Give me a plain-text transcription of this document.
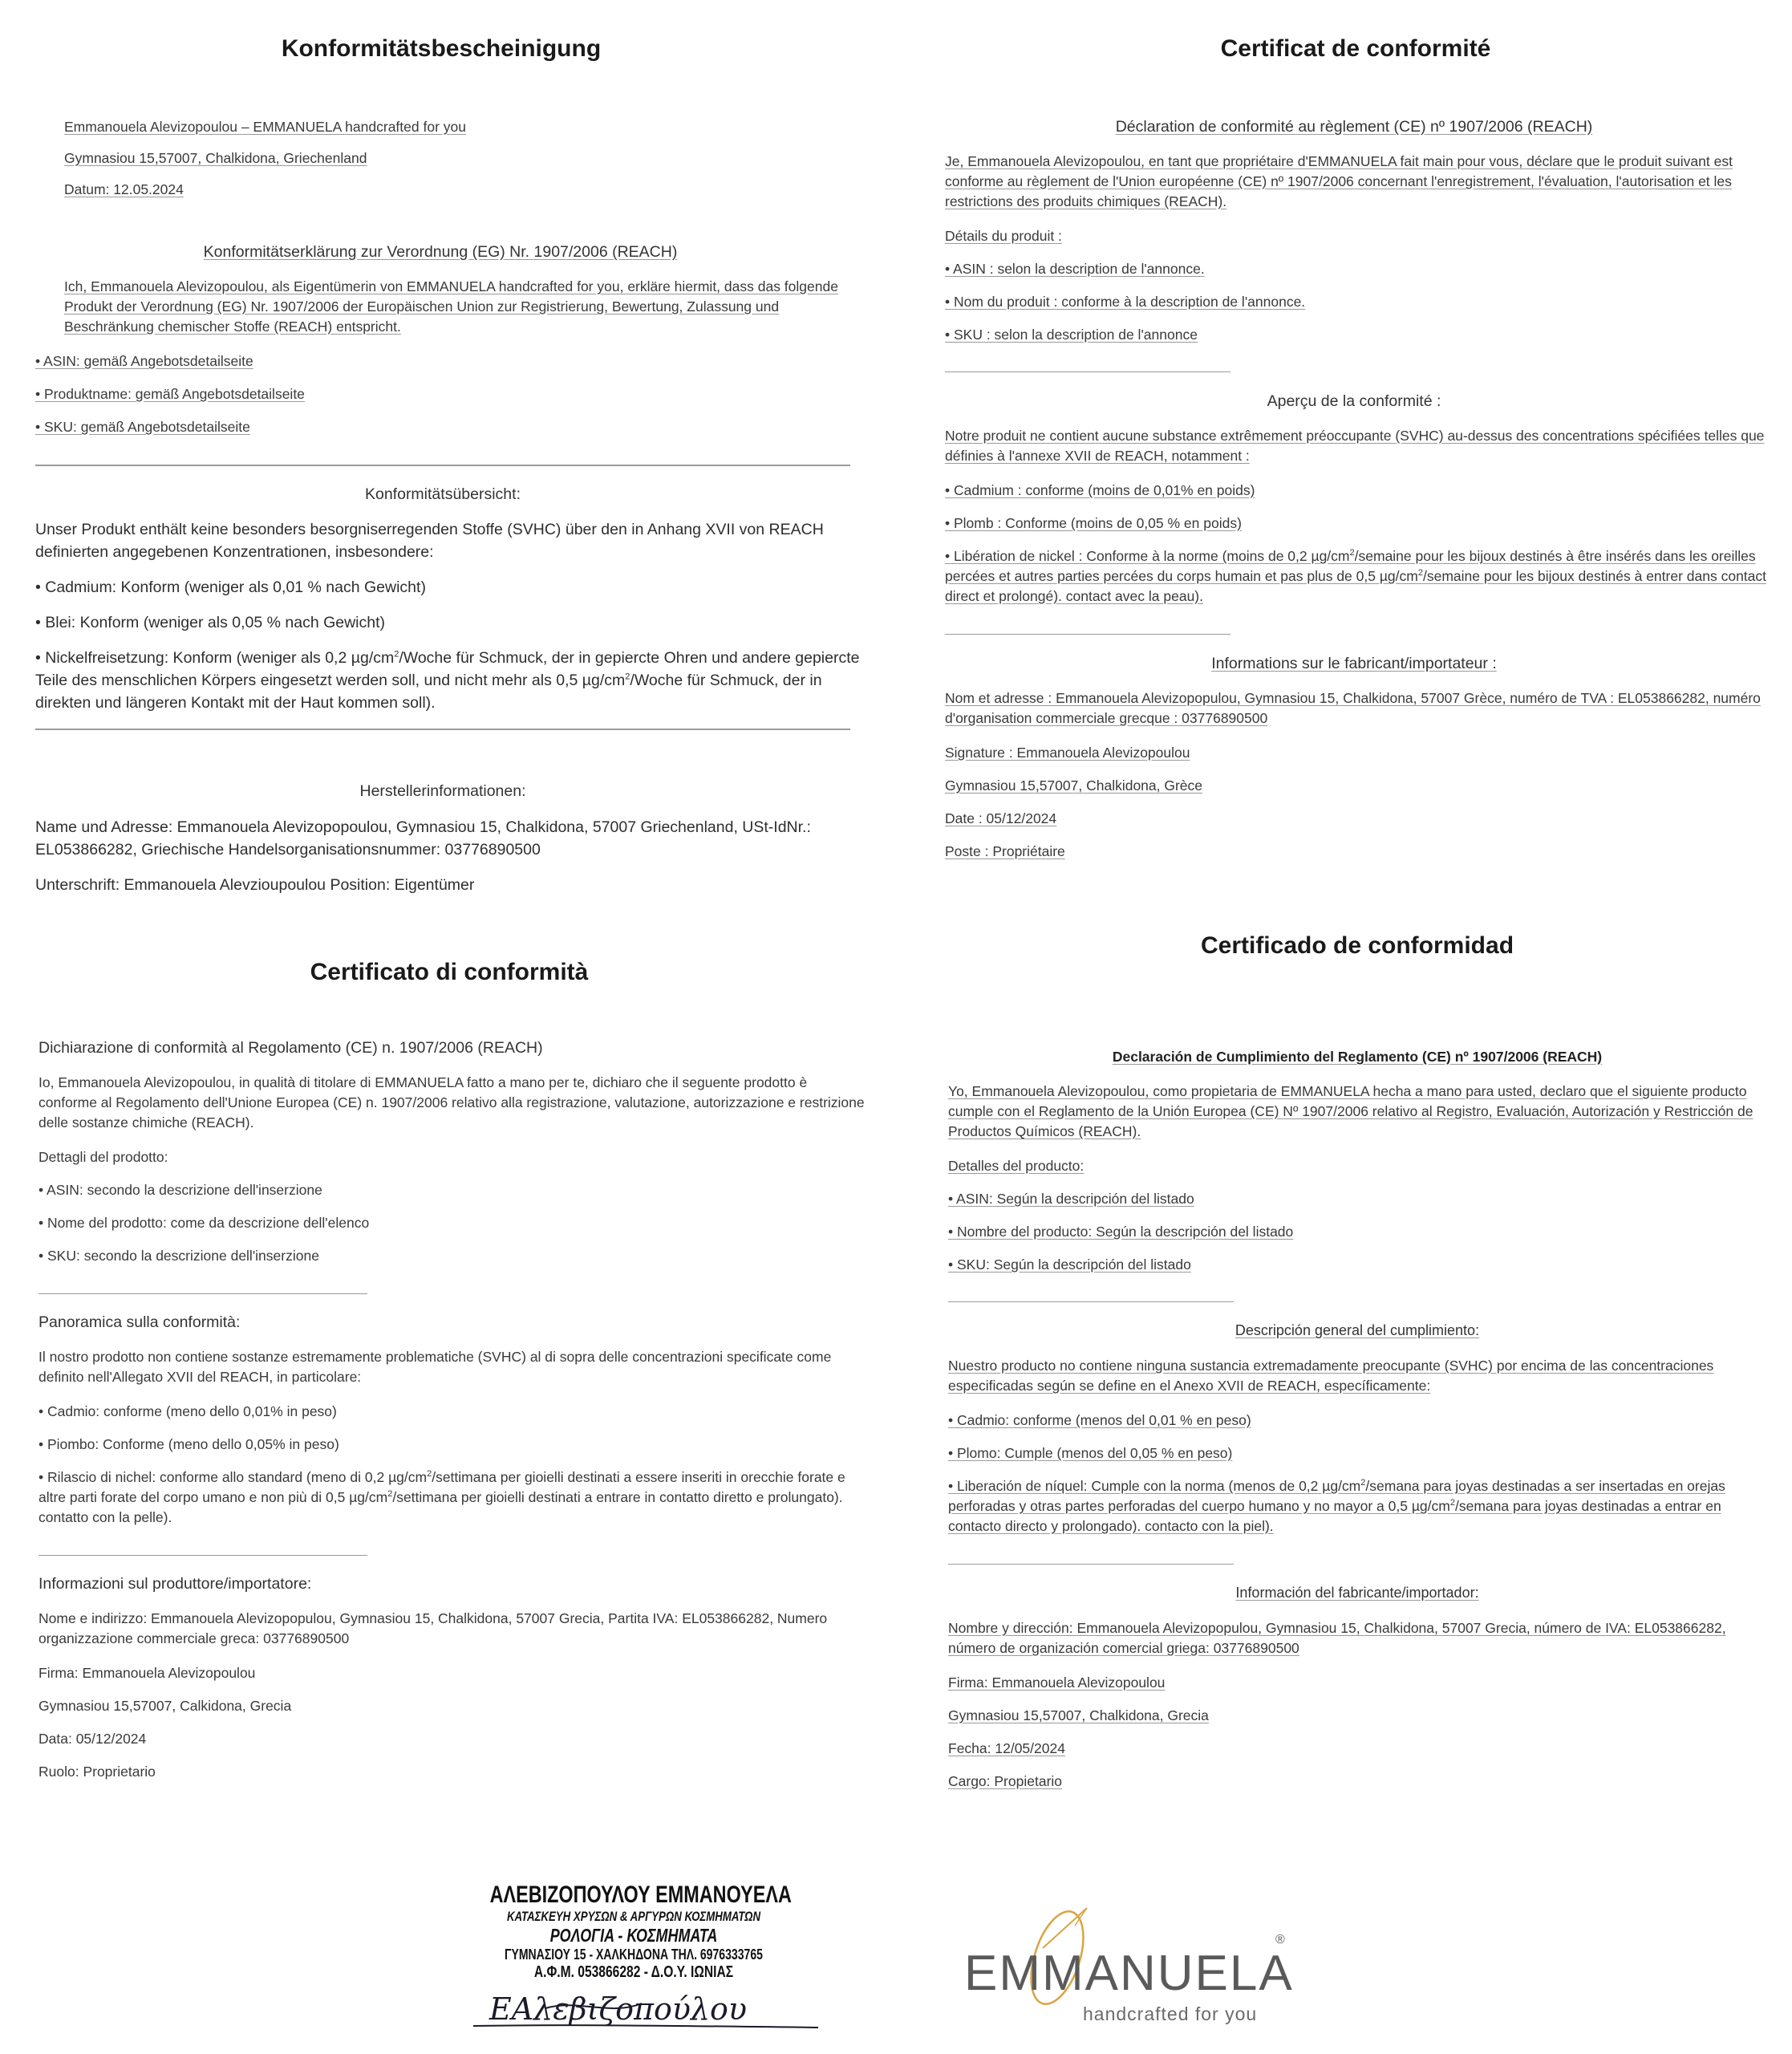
Konformitätsbescheinigung
Emmanouela Alevizopoulou – EMMANUELA handcrafted for you
Gymnasiou 15,57007, Chalkidona, Griechenland
Datum: 12.05.2024
Konformitätserklärung zur Verordnung (EG) Nr. 1907/2006 (REACH)
Ich, Emmanouela Alevizopoulou, als Eigentümerin von EMMANUELA handcrafted for you, erkläre hiermit, dass das folgende Produkt der Verordnung (EG) Nr. 1907/2006 der Europäischen Union zur Registrierung, Bewertung, Zulassung und Beschränkung chemischer Stoffe (REACH) entspricht.
• ASIN: gemäß Angebotsdetailseite
• Produktname: gemäß Angebotsdetailseite
• SKU: gemäß Angebotsdetailseite
Konformitätsübersicht:
Unser Produkt enthält keine besonders besorgniserregenden Stoffe (SVHC) über den in Anhang XVII von REACH definierten angegebenen Konzentrationen, insbesondere:
• Cadmium: Konform (weniger als 0,01 % nach Gewicht)
• Blei: Konform (weniger als 0,05 % nach Gewicht)
• Nickelfreisetzung: Konform (weniger als 0,2 $\mu g/cm^2$/Woche für Schmuck, der in gepiercte Ohren und andere gepiercte Teile des menschlichen Körpers eingesetzt werden soll, und nicht mehr als 0,5 $\mu g/cm^2$/Woche für Schmuck, der in direkten und längeren Kontakt mit der Haut kommen soll).
Herstellerinformationen:
Name und Adresse: Emmanouela Alevizopopoulou, Gymnasiou 15, Chalkidona, 57007 Griechenland, USt-IdNr.: EL053866282, Griechische Handelsorganisationsnummer: 03776890500
Unterschrift: Emmanouela Alevzioupoulou Position: Eigentümer
Certificat de conformité
Déclaration de conformité au règlement (CE) nº 1907/2006 (REACH)
Je, Emmanouela Alevizopoulou, en tant que propriétaire d'EMMANUELA fait main pour vous, déclare que le produit suivant est conforme au règlement de l'Union européenne (CE) nº 1907/2006 concernant l'enregistrement, l'évaluation, l'autorisation et les restrictions des produits chimiques (REACH).
Détails du produit :
• ASIN : selon la description de l'annonce.
• Nom du produit : conforme à la description de l'annonce.
• SKU : selon la description de l'annonce
Aperçu de la conformité :
Notre produit ne contient aucune substance extrêmement préoccupante (SVHC) au-dessus des concentrations spécifiées telles que définies à l'annexe XVII de REACH, notamment :
• Cadmium : conforme (moins de 0,01% en poids)
• Plomb : Conforme (moins de 0,05 % en poids)
• Libération de nickel : Conforme à la norme (moins de 0,2 $\mu g/cm^2$/semaine pour les bijoux destinés à être insérés dans les oreilles percées et autres parties percées du corps humain et pas plus de 0,5 $\mu g/cm^2$/semaine pour les bijoux destinés à entrer dans contact direct et prolongé). contact avec la peau).
Informations sur le fabricant/importateur :
Nom et adresse : Emmanouela Alevizopopulou, Gymnasiou 15, Chalkidona, 57007 Grèce, numéro de TVA : EL053866282, numéro d'organisation commerciale grecque : 03776890500
Signature : Emmanouela Alevizopoulou
Gymnasiou 15,57007, Chalkidona, Grèce
Date : 05/12/2024
Poste : Propriétaire
Certificato di conformità
Dichiarazione di conformità al Regolamento (CE) n. 1907/2006 (REACH)
Io, Emmanouela Alevizopoulou, in qualità di titolare di EMMANUELA fatto a mano per te, dichiaro che il seguente prodotto è conforme al Regolamento dell'Unione Europea (CE) n. 1907/2006 relativo alla registrazione, valutazione, autorizzazione e restrizione delle sostanze chimiche (REACH).
Dettagli del prodotto:
• ASIN: secondo la descrizione dell'inserzione
• Nome del prodotto: come da descrizione dell'elenco
• SKU: secondo la descrizione dell'inserzione
Panoramica sulla conformità:
Il nostro prodotto non contiene sostanze estremamente problematiche (SVHC) al di sopra delle concentrazioni specificate come definito nell'Allegato XVII del REACH, in particolare:
• Cadmio: conforme (meno dello 0,01% in peso)
• Piombo: Conforme (meno dello 0,05% in peso)
• Rilascio di nichel: conforme allo standard (meno di 0,2 $\mu g/cm^2$/settimana per gioielli destinati a essere inseriti in orecchie forate e altre parti forate del corpo umano e non più di 0,5 $\mu g/cm^2$/settimana per gioielli destinati a entrare in contatto diretto e prolungato). contatto con la pelle).
Informazioni sul produttore/importatore:
Nome e indirizzo: Emmanouela Alevizopopulou, Gymnasiou 15, Chalkidona, 57007 Grecia, Partita IVA: EL053866282, Numero organizzazione commerciale greca: 03776890500
Firma: Emmanouela Alevizopoulou
Gymnasiou 15,57007, Calkidona, Grecia
Data: 05/12/2024
Ruolo: Proprietario
Certificado de conformidad
Declaración de Cumplimiento del Reglamento (CE) nº 1907/2006 (REACH)
Yo, Emmanouela Alevizopoulou, como propietaria de EMMANUELA hecha a mano para usted, declaro que el siguiente producto cumple con el Reglamento de la Unión Europea (CE) Nº 1907/2006 relativo al Registro, Evaluación, Autorización y Restricción de Productos Químicos (REACH).
Detalles del producto:
• ASIN: Según la descripción del listado
• Nombre del producto: Según la descripción del listado
• SKU: Según la descripción del listado
Descripción general del cumplimiento:
Nuestro producto no contiene ninguna sustancia extremadamente preocupante (SVHC) por encima de las concentraciones especificadas según se define en el Anexo XVII de REACH, específicamente:
• Cadmio: conforme (menos del 0,01 % en peso)
• Plomo: Cumple (menos del 0,05 % en peso)
• Liberación de níquel: Cumple con la norma (menos de 0,2 $\mu g/cm^2$/semana para joyas destinadas a ser insertadas en orejas perforadas y otras partes perforadas del cuerpo humano y no mayor a 0,5 $\mu g/cm^2$/semana para joyas destinadas a entrar en contacto directo y prolongado). contacto con la piel).
Información del fabricante/importador:
Nombre y dirección: Emmanouela Alevizopopulou, Gymnasiou 15, Chalkidona, 57007 Grecia, número de IVA: EL053866282, número de organización comercial griega: 03776890500
Firma: Emmanouela Alevizopoulou
Gymnasiou 15,57007, Chalkidona, Grecia
Fecha: 12/05/2024
Cargo: Propietario
ΑΛΕΒΙΖΟΠΟΥΛΟΥ ΕΜΜΑΝΟΥΕΛΑ
ΚΑΤΑΣΚΕΥΗ ΧΡΥΣΩΝ & ΑΡΓΥΡΩΝ ΚΟΣΜΗΜΑΤΩΝ
ΡΟΛΟΓΙΑ - ΚΟΣΜΗΜΑΤΑ
ΓΥΜΝΑΣΙΟΥ 15 - ΧΑΛΚΗΔΟΝΑ ΤΗΛ. 6976333765
Α.Φ.Μ. 053866282 - Δ.Ο.Υ. ΙΩΝΙΑΣ
EAλεβιζοπούλου
EMMANUELA
®
handcrafted for you
